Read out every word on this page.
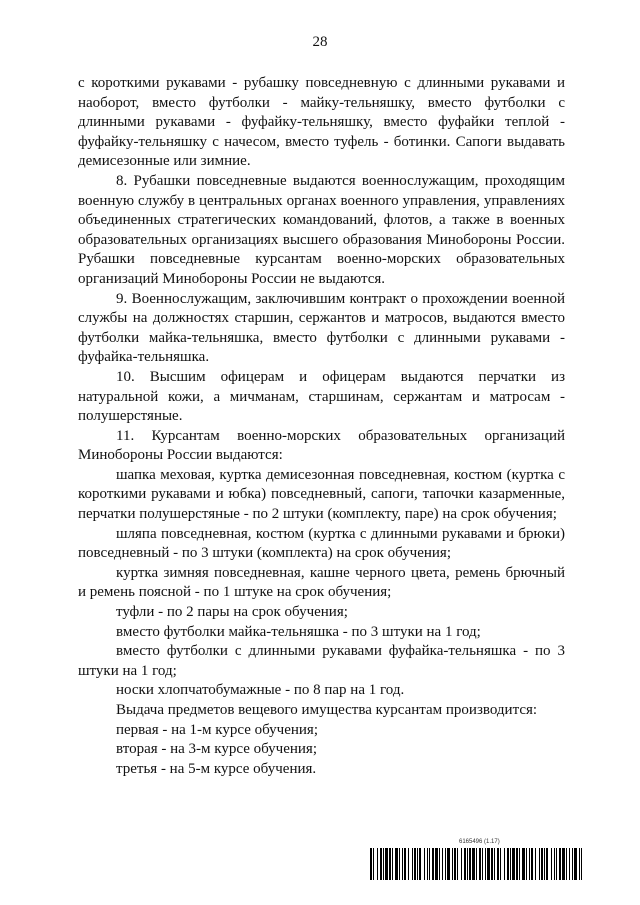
28

с короткими рукавами - рубашку повседневную с длинными рукавами и наоборот, вместо футболки - майку-тельняшку, вместо футболки с длинными рукавами - фуфайку-тельняшку, вместо фуфайки теплой - фуфайку-тельняшку с начесом, вместо туфель - ботинки. Сапоги выдавать демисезонные или зимние.

8. Рубашки повседневные выдаются военнослужащим, проходящим военную службу в центральных органах военного управления, управлениях объединенных стратегических командований, флотов, а также в военных образовательных организациях высшего образования Минобороны России. Рубашки повседневные курсантам военно-морских образовательных организаций Минобороны России не выдаются.

9. Военнослужащим, заключившим контракт о прохождении военной службы на должностях старшин, сержантов и матросов, выдаются вместо футболки майка-тельняшка, вместо футболки с длинными рукавами - фуфайка-тельняшка.

10. Высшим офицерам и офицерам выдаются перчатки из натуральной кожи, а мичманам, старшинам, сержантам и матросам - полушерстяные.

11. Курсантам военно-морских образовательных организаций Минобороны России выдаются:

шапка меховая, куртка демисезонная повседневная, костюм (куртка с короткими рукавами и юбка) повседневный, сапоги, тапочки казарменные, перчатки полушерстяные - по 2 штуки (комплекту, паре) на срок обучения;

шляпа повседневная, костюм (куртка с длинными рукавами и брюки) повседневный - по 3 штуки (комплекта) на срок обучения;

куртка зимняя повседневная, кашне черного цвета, ремень брючный и ремень поясной - по 1 штуке на срок обучения;

туфли - по 2 пары на срок обучения;

вместо футболки майка-тельняшка - по 3 штуки на 1 год;

вместо футболки с длинными рукавами фуфайка-тельняшка - по 3 штуки на 1 год;

носки хлопчатобумажные - по 8 пар на 1 год.

Выдача предметов вещевого имущества курсантам производится:

первая - на 1-м курсе обучения;

вторая - на 3-м курсе обучения;

третья - на 5-м курсе обучения.

6165496 (1.17)
